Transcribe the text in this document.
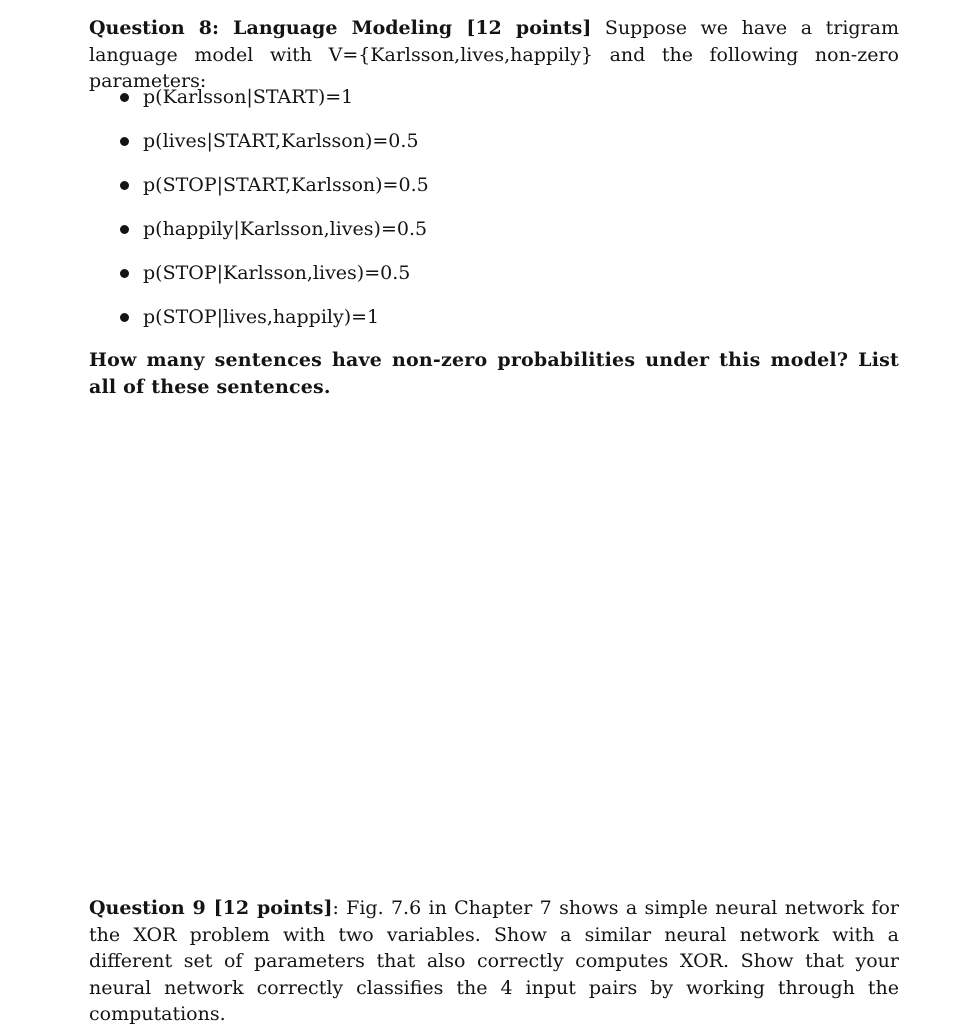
Question 8: Language Modeling [12 points] Suppose we have a trigram language model with V={Karlsson,lives,happily} and the following non-zero parameters:

p(Karlsson|START)=1
p(lives|START,Karlsson)=0.5
p(STOP|START,Karlsson)=0.5
p(happily|Karlsson,lives)=0.5
p(STOP|Karlsson,lives)=0.5
p(STOP|lives,happily)=1

How many sentences have non-zero probabilities under this model? List all of these sentences.

Question 9 [12 points]: Fig. 7.6 in Chapter 7 shows a simple neural network for the XOR problem with two variables. Show a similar neural network with a different set of parameters that also correctly computes XOR. Show that your neural network correctly classifies the 4 input pairs by working through the computations.
